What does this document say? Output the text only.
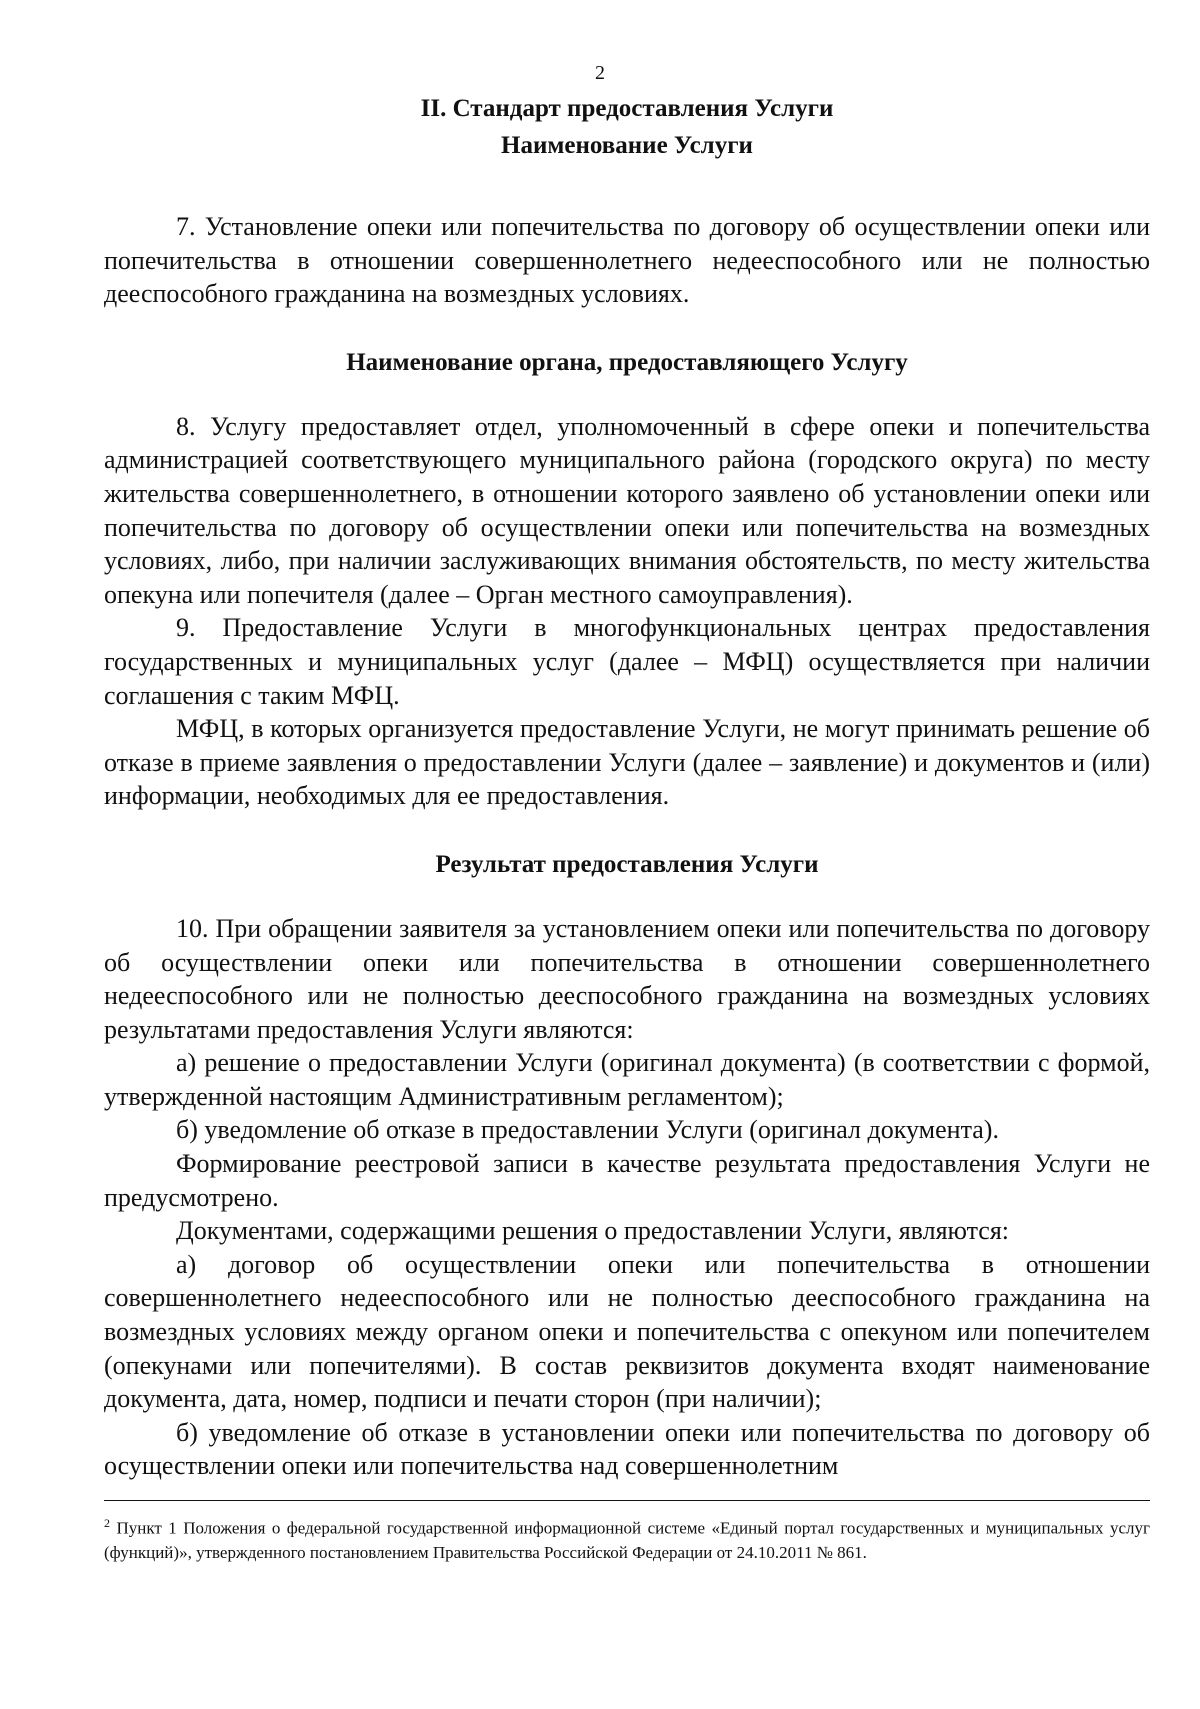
2
II. Стандарт предоставления Услуги
Наименование Услуги

7. Установление опеки или попечительства по договору об осуществлении опеки или попечительства в отношении совершеннолетнего недееспособного или не полностью дееспособного гражданина на возмездных условиях.

Наименование органа, предоставляющего Услугу

8. Услугу предоставляет отдел, уполномоченный в сфере опеки и попечительства администрацией соответствующего муниципального района (городского округа) по месту жительства совершеннолетнего, в отношении которого заявлено об установлении опеки или попечительства по договору об осуществлении опеки или попечительства на возмездных условиях, либо, при наличии заслуживающих внимания обстоятельств, по месту жительства опекуна или попечителя (далее – Орган местного самоуправления).

9. Предоставление Услуги в многофункциональных центрах предоставления государственных и муниципальных услуг (далее – МФЦ) осуществляется при наличии соглашения с таким МФЦ.

МФЦ, в которых организуется предоставление Услуги, не могут принимать решение об отказе в приеме заявления о предоставлении Услуги (далее – заявление) и документов и (или) информации, необходимых для ее предоставления.

Результат предоставления Услуги

10. При обращении заявителя за установлением опеки или попечительства по договору об осуществлении опеки или попечительства в отношении совершеннолетнего недееспособного или не полностью дееспособного гражданина на возмездных условиях результатами предоставления Услуги являются:

а) решение о предоставлении Услуги (оригинал документа) (в соответствии с формой, утвержденной настоящим Административным регламентом);

б) уведомление об отказе в предоставлении Услуги (оригинал документа).

Формирование реестровой записи в качестве результата предоставления Услуги не предусмотрено.

Документами, содержащими решения о предоставлении Услуги, являются:

а) договор об осуществлении опеки или попечительства в отношении совершеннолетнего недееспособного или не полностью дееспособного гражданина на возмездных условиях между органом опеки и попечительства с опекуном или попечителем (опекунами или попечителями). В состав реквизитов документа входят наименование документа, дата, номер, подписи и печати сторон (при наличии);

б) уведомление об отказе в установлении опеки или попечительства по договору об осуществлении опеки или попечительства над совершеннолетним

$^2$ Пункт 1 Положения о федеральной государственной информационной системе «Единый портал государственных и муниципальных услуг (функций)», утвержденного постановлением Правительства Российской Федерации от 24.10.2011 № 861.
